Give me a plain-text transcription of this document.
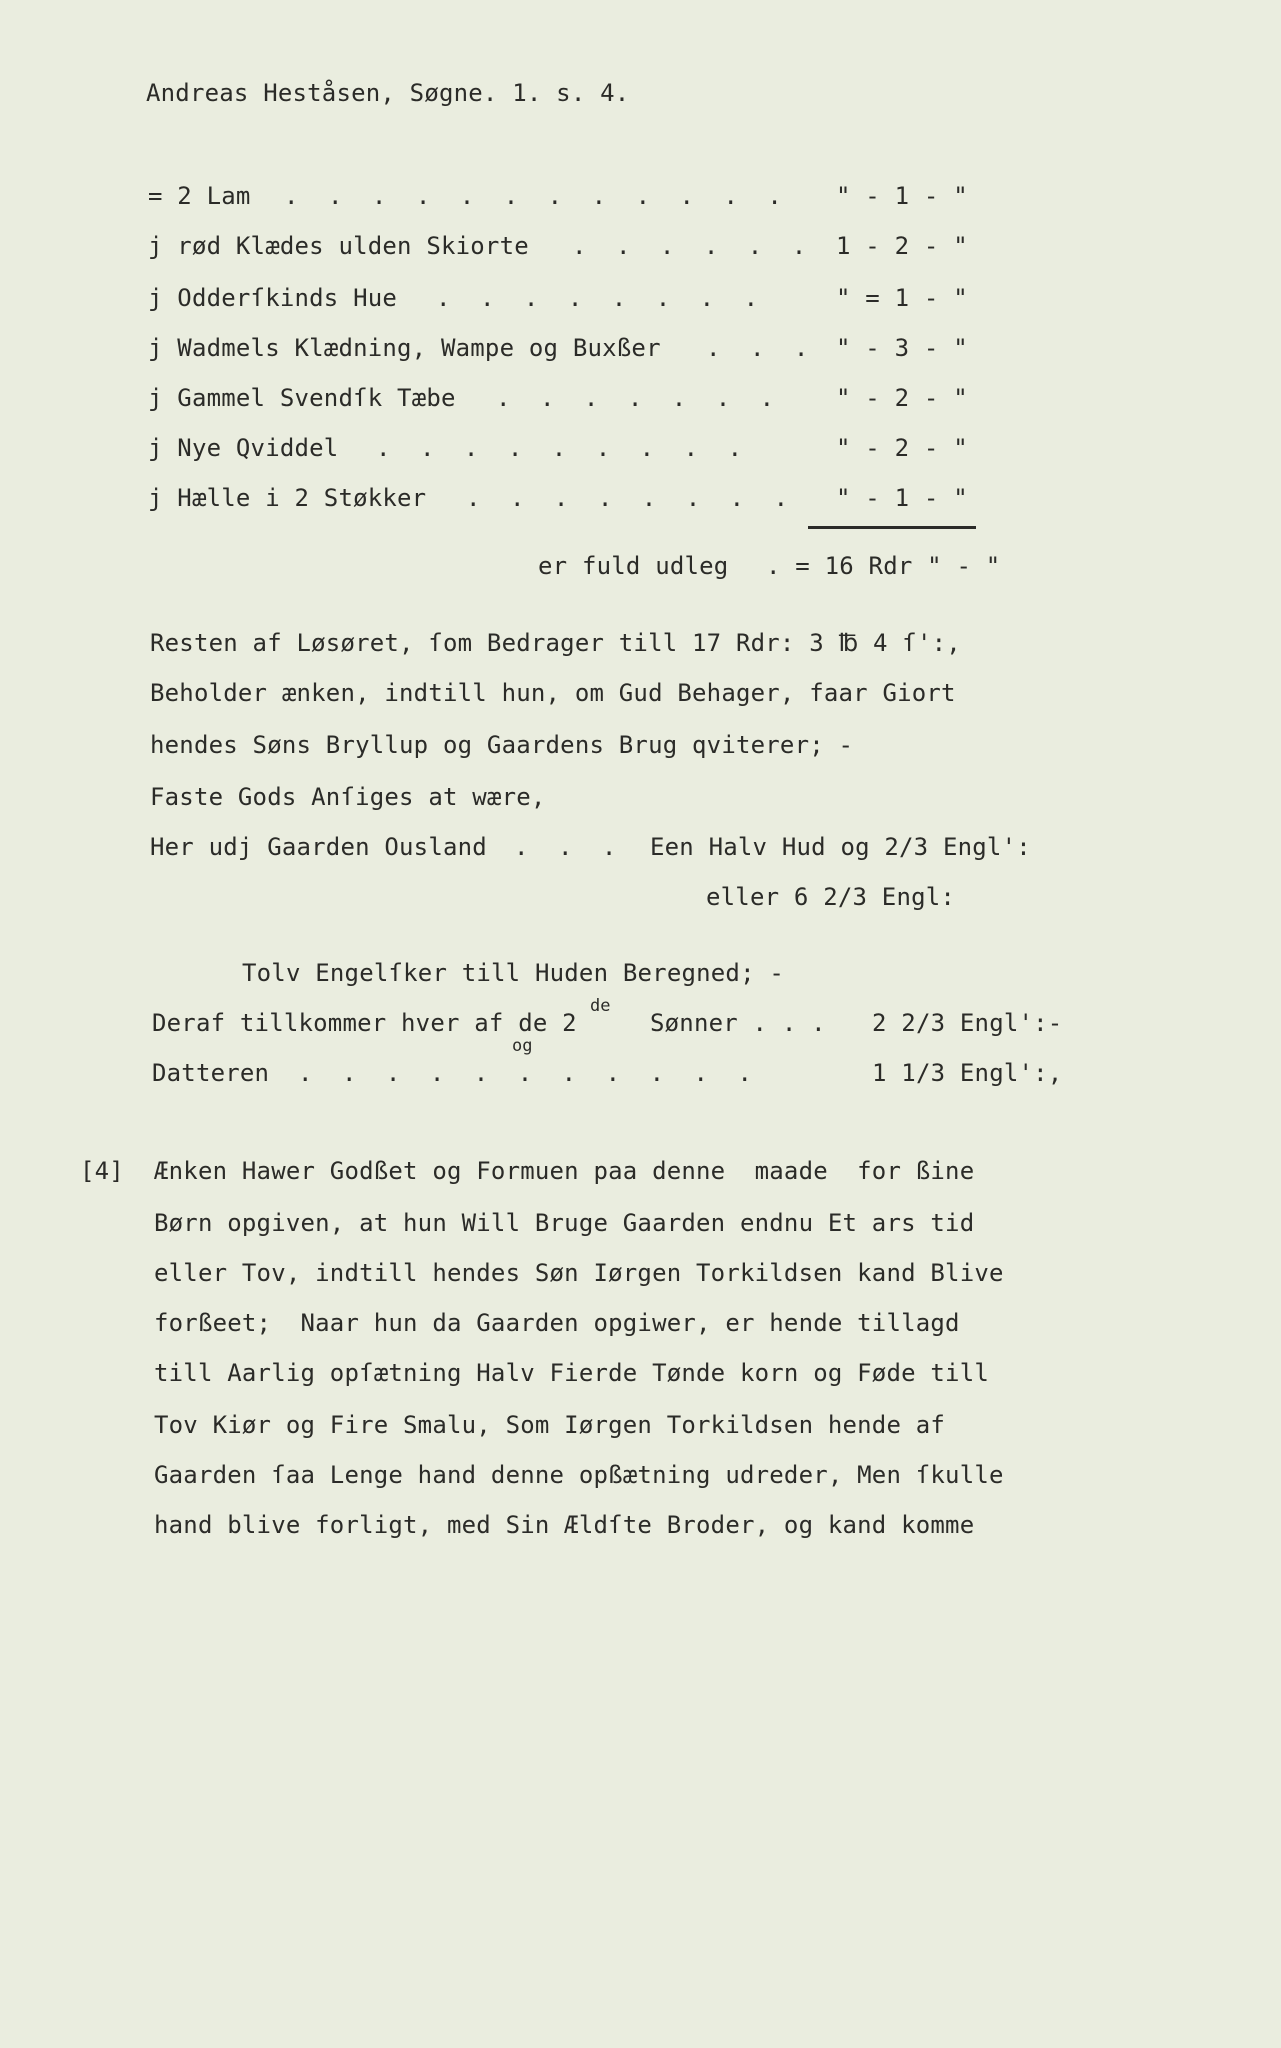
Andreas Heståsen, Søgne. 1. s. 4.
= 2 Lam .  .  .  .  .  .  .  .  .  .  .  . " - 1 - "
j rød Klædes ulden Skiorte .  .  .  .  .  . 1 - 2 - "
j Odderſkinds Hue .  .  .  .  .  .  .  .	" = 1 - "
j Wadmels Klædning, Wampe og Buxßer .  .  . " - 3 - "
j Gammel Svendſk Tæbe .  .  .  .  .  .  .	" - 2 - "
j Nye Qviddel .  .  .  .  .  .  .  .  .	" - 2 - "
j Hælle i 2 Støkker .  .  .  .  .  .  .  . " - 1 - "
er fuld udleg . = 16 Rdr " - "
Resten af Løsøret, ſom Bedrager till 17 Rdr: 3 ℔ 4 ſ':,
Beholder ænken, indtill hun, om Gud Behager, faar Giort
hendes Søns Bryllup og Gaardens Brug qviterer; -
Faste Gods Anſiges at wære,
Her udj Gaarden Ousland .  .  . Een Halv Hud og 2/3 Engl':
eller 6 2/3 Engl:
Tolv Engelſker till Huden Beregned; -
Deraf tillkommer hver af de 2
de
Sønner . . . 2 2/3 Engl':-
og
Datteren .  .  .  .  .  .  .  .  .  .  .	1 1/3 Engl':,
[4] Ænken Hawer Godßet og Formuen paa denne  maade  for ßine
Børn opgiven, at hun Will Bruge Gaarden endnu Et ars tid
eller Tov, indtill hendes Søn Iørgen Torkildsen kand Blive
forßeet;  Naar hun da Gaarden opgiwer, er hende tillagd
till Aarlig opſætning Halv Fierde Tønde korn og Føde till
Tov Kiør og Fire Smalu, Som Iørgen Torkildsen hende af
Gaarden ſaa Lenge hand denne opßætning udreder, Men ſkulle
hand blive forligt, med Sin Ældſte Broder, og kand komme
